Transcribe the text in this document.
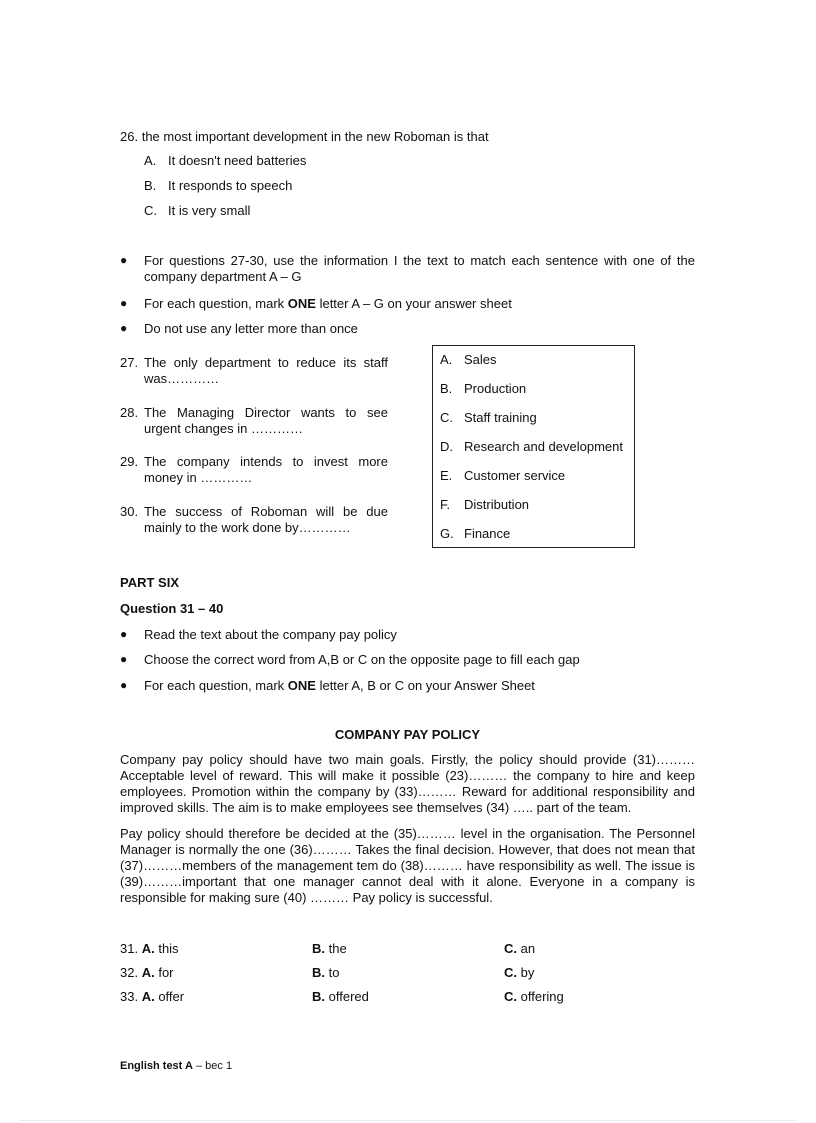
26. the most important development in the new Roboman is that
A. It doesn't need batteries
B. It responds to speech
C. It is very small
●	For questions 27-30, use the information I the text to match each sentence with one of the company department A – G
●	For each question, mark ONE letter A – G on your answer sheet
●	Do not use any letter more than once
27. The only department to reduce its staff was…………
28. The Managing Director wants to see urgent changes in …………
29. The company intends to invest more money in …………
30. The success of Roboman will be due mainly to the work done by…………
A. Sales
B. Production
C. Staff training
D. Research and development
E. Customer service
F. Distribution
G. Finance
PART SIX
Question 31 – 40
●	Read the text about the company pay policy
●	Choose the correct word from A,B or C on the opposite page to fill each gap
●	For each question, mark ONE letter A, B or C on your Answer Sheet
COMPANY PAY POLICY
Company pay policy should have two main goals. Firstly, the policy should provide (31)……… Acceptable level of reward. This will make it possible (23)……… the company to hire and keep employees. Promotion within the company by (33)……… Reward for additional responsibility and improved skills. The aim is to make employees see themselves (34) ….. part of the team.
Pay policy should therefore be decided at the (35)……… level in the organisation. The Personnel Manager is normally the one (36)……… Takes the final decision. However, that does not mean that (37)………members of the management tem do (38)……… have responsibility as well. The issue is (39)………important that one manager cannot deal with it alone. Everyone in a company is responsible for making sure (40) ……… Pay policy is successful.
31. A. this	B. the	C. an
32. A. for	B. to	C. by
33. A. offer	B. offered	C. offering
English test A – bec 1
